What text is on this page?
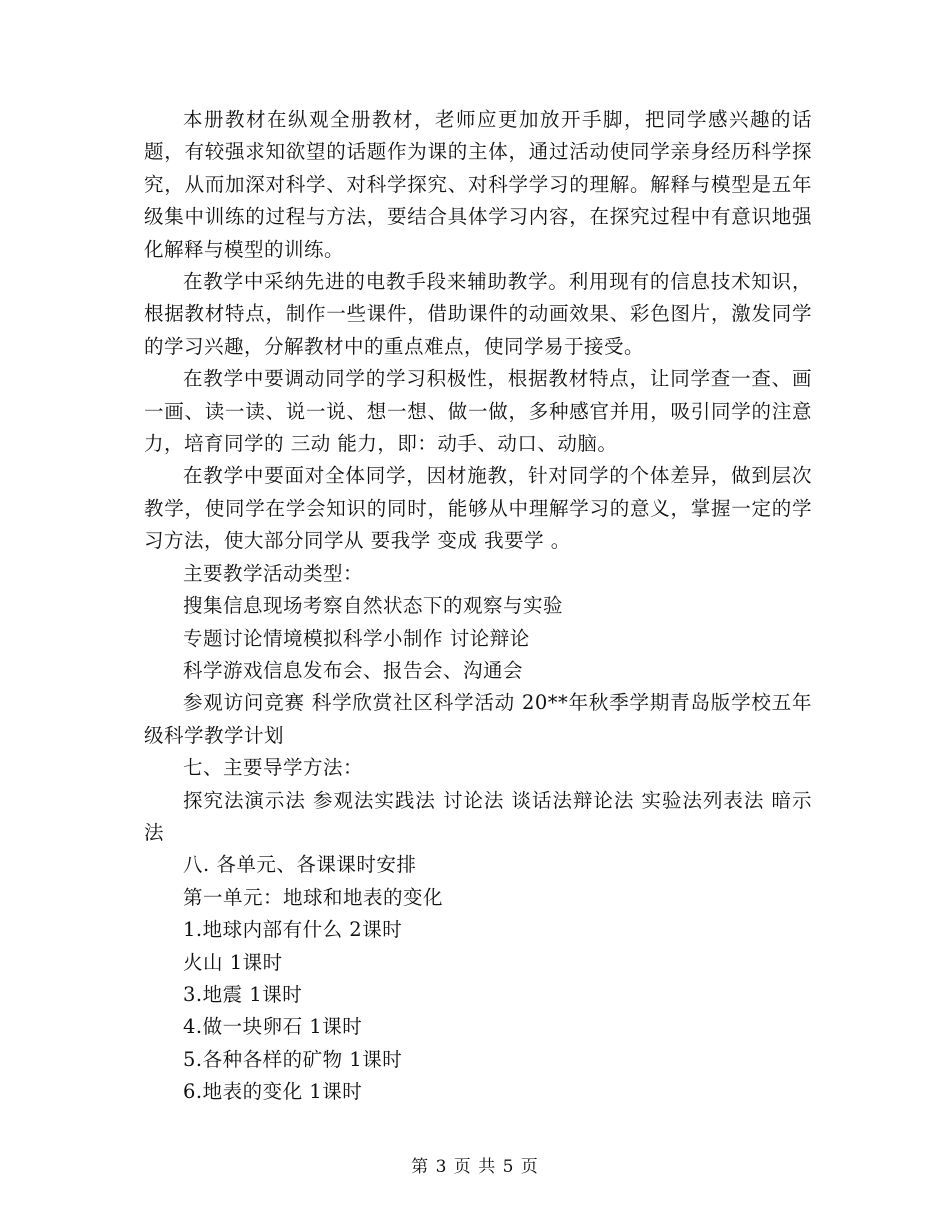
本册教材在纵观全册教材，老师应更加放开手脚，把同学感兴趣的话题，有较强求知欲望的话题作为课的主体，通过活动使同学亲身经历科学探究，从而加深对科学、对科学探究、对科学学习的理解。解释与模型是五年级集中训练的过程与方法，要结合具体学习内容，在探究过程中有意识地强化解释与模型的训练。

在教学中采纳先进的电教手段来辅助教学。利用现有的信息技术知识，根据教材特点，制作一些课件，借助课件的动画效果、彩色图片，激发同学的学习兴趣，分解教材中的重点难点，使同学易于接受。

在教学中要调动同学的学习积极性，根据教材特点，让同学查一查、画一画、读一读、说一说、想一想、做一做，多种感官并用，吸引同学的注意力，培育同学的 三动 能力，即：动手、动口、动脑。

在教学中要面对全体同学，因材施教，针对同学的个体差异，做到层次教学，使同学在学会知识的同时，能够从中理解学习的意义，掌握一定的学习方法，使大部分同学从 要我学 变成 我要学 。

主要教学活动类型：

搜集信息现场考察自然状态下的观察与实验

专题讨论情境模拟科学小制作 讨论辩论

科学游戏信息发布会、报告会、沟通会

参观访问竞赛 科学欣赏社区科学活动 20**年秋季学期青岛版学校五年级科学教学计划

七、主要导学方法：

探究法演示法 参观法实践法 讨论法 谈话法辩论法 实验法列表法 暗示法

八. 各单元、各课课时安排

第一单元：地球和地表的变化

1.地球内部有什么 2课时

火山 1课时

3.地震 1课时

4.做一块卵石 1课时

5.各种各样的矿物 1课时

6.地表的变化 1课时

第 3 页 共 5 页
